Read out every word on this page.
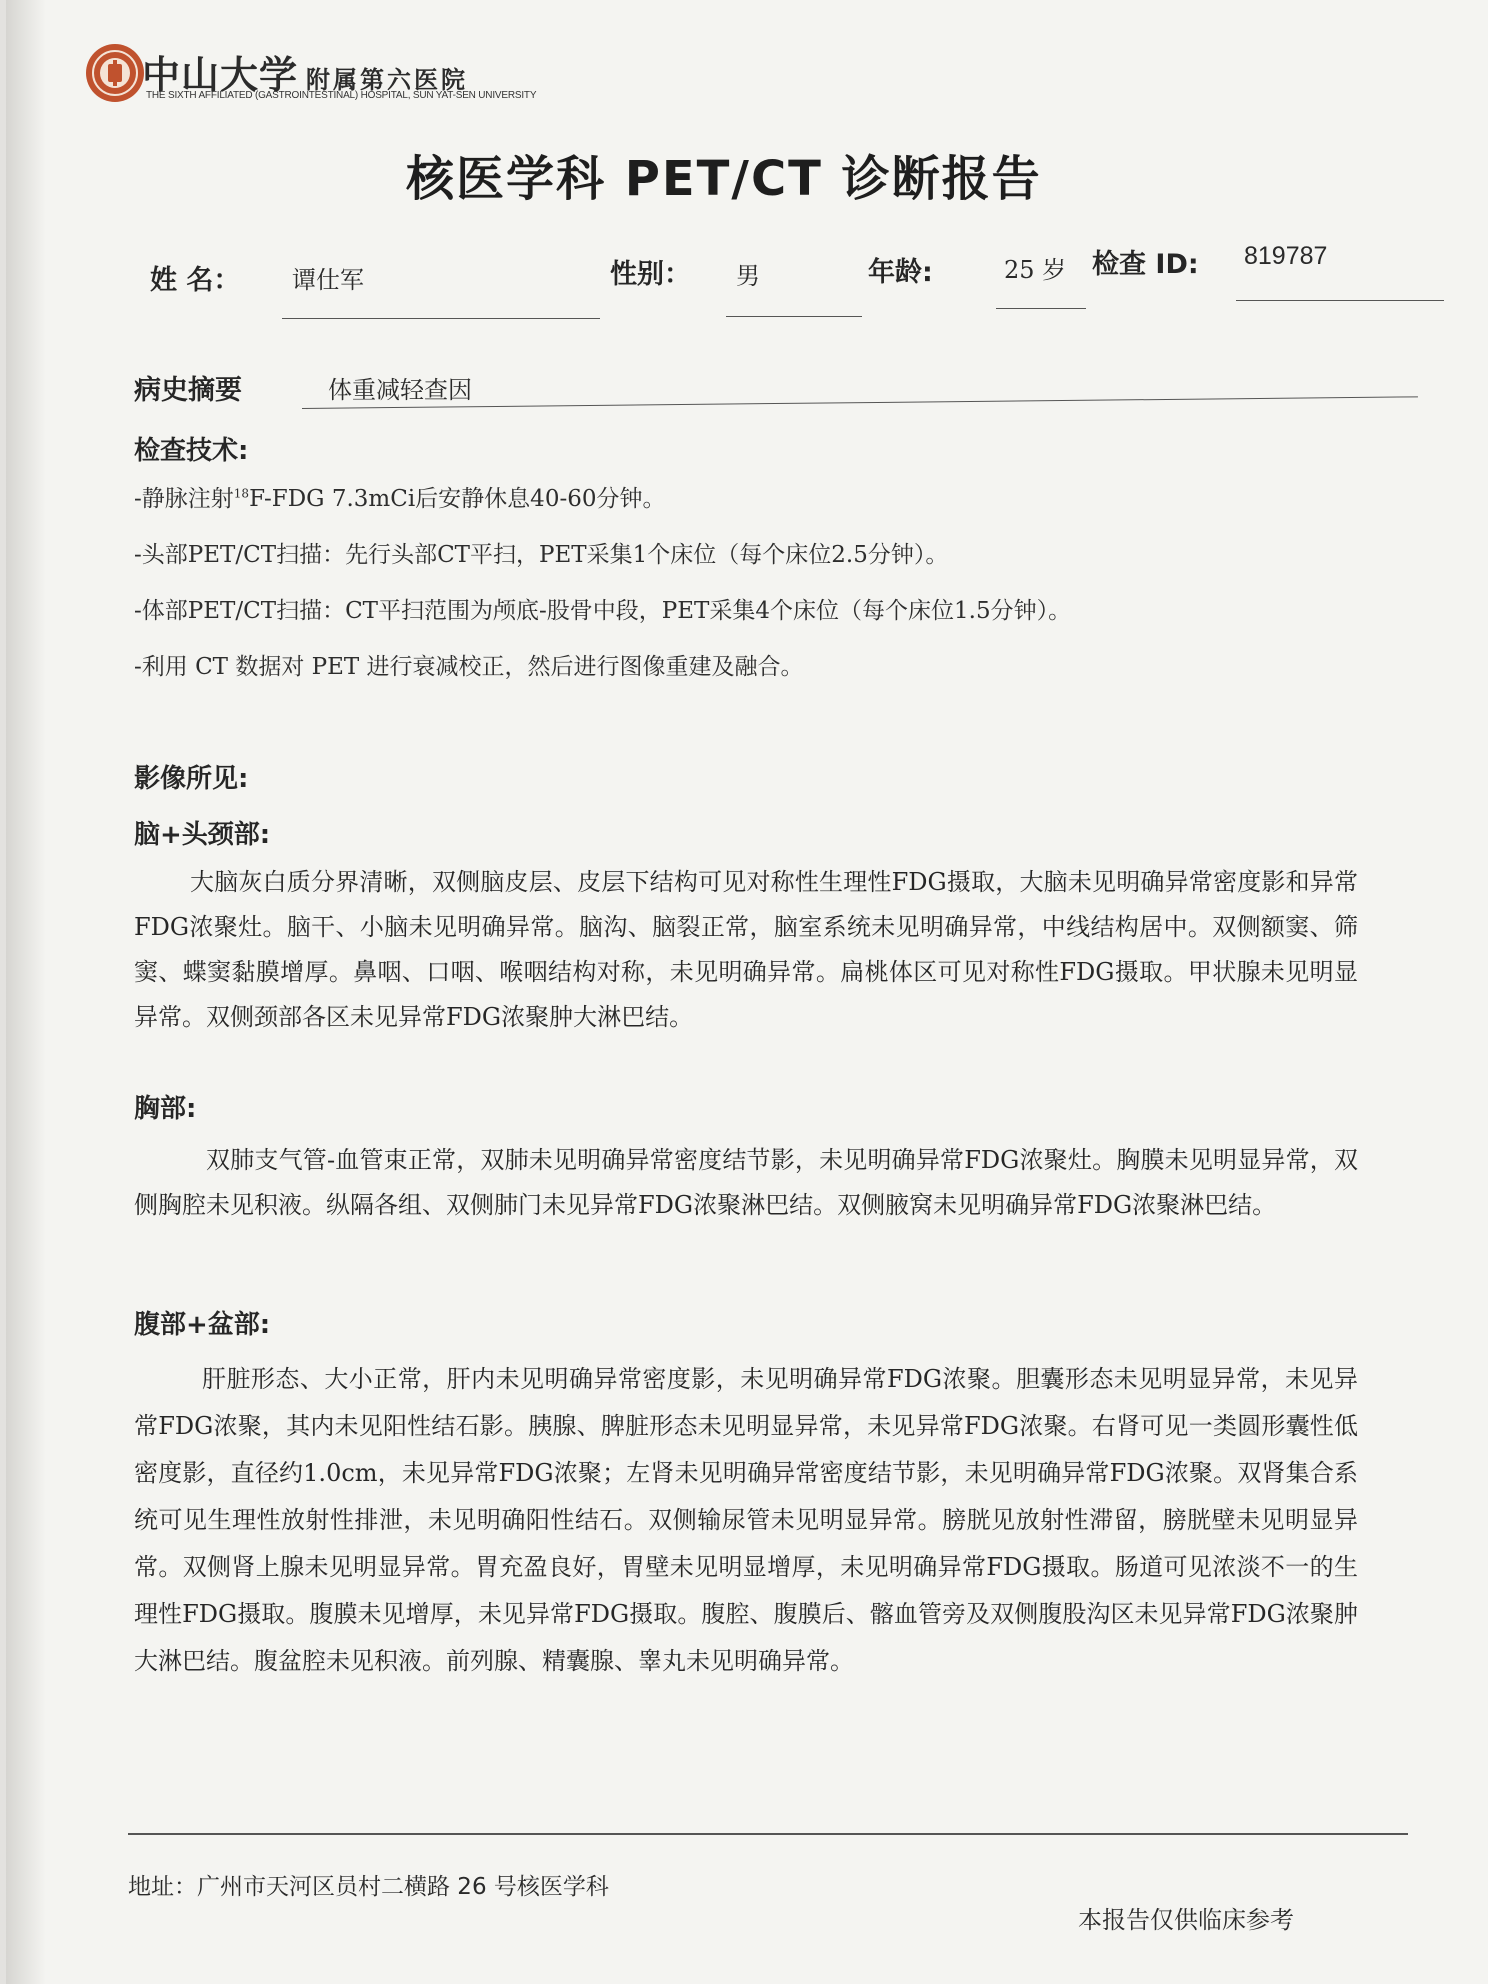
中山大学 附属第六医院
THE SIXTH AFFILIATED (GASTROINTESTINAL) HOSPITAL, SUN YAT-SEN UNIVERSITY
核医学科 PET/CT 诊断报告
姓 名： 谭仕军	性别： 男	年龄:	25 岁 检查 ID: 819787
病史摘要	体重减轻查因
检查技术:
-静脉注射$^{18}$F-FDG 7.3mCi后安静休息40-60分钟。
-头部PET/CT扫描：先行头部CT平扫，PET采集1个床位（每个床位2.5分钟）。
-体部PET/CT扫描：CT平扫范围为颅底-股骨中段，PET采集4个床位（每个床位1.5分钟）。
-利用 CT 数据对 PET 进行衰减校正，然后进行图像重建及融合。
影像所见:
脑+头颈部:
大脑灰白质分界清晰，双侧脑皮层、皮层下结构可见对称性生理性FDG摄取，大脑未见明确异常密度影和异常FDG浓聚灶。脑干、小脑未见明确异常。脑沟、脑裂正常，脑室系统未见明确异常，中线结构居中。双侧额窦、筛窦、蝶窦黏膜增厚。鼻咽、口咽、喉咽结构对称，未见明确异常。扁桃体区可见对称性FDG摄取。甲状腺未见明显异常。双侧颈部各区未见异常FDG浓聚肿大淋巴结。
胸部:
双肺支气管-血管束正常，双肺未见明确异常密度结节影，未见明确异常FDG浓聚灶。胸膜未见明显异常，双侧胸腔未见积液。纵隔各组、双侧肺门未见异常FDG浓聚淋巴结。双侧腋窝未见明确异常FDG浓聚淋巴结。
腹部+盆部:
肝脏形态、大小正常，肝内未见明确异常密度影，未见明确异常FDG浓聚。胆囊形态未见明显异常，未见异常FDG浓聚，其内未见阳性结石影。胰腺、脾脏形态未见明显异常，未见异常FDG浓聚。右肾可见一类圆形囊性低密度影，直径约1.0cm，未见异常FDG浓聚；左肾未见明确异常密度结节影，未见明确异常FDG浓聚。双肾集合系统可见生理性放射性排泄，未见明确阳性结石。双侧输尿管未见明显异常。膀胱见放射性滞留，膀胱壁未见明显异常。双侧肾上腺未见明显异常。胃充盈良好，胃壁未见明显增厚，未见明确异常FDG摄取。肠道可见浓淡不一的生理性FDG摄取。腹膜未见增厚，未见异常FDG摄取。腹腔、腹膜后、髂血管旁及双侧腹股沟区未见异常FDG浓聚肿大淋巴结。腹盆腔未见积液。前列腺、精囊腺、睾丸未见明确异常。
地址：广州市天河区员村二横路 26 号核医学科
本报告仅供临床参考
